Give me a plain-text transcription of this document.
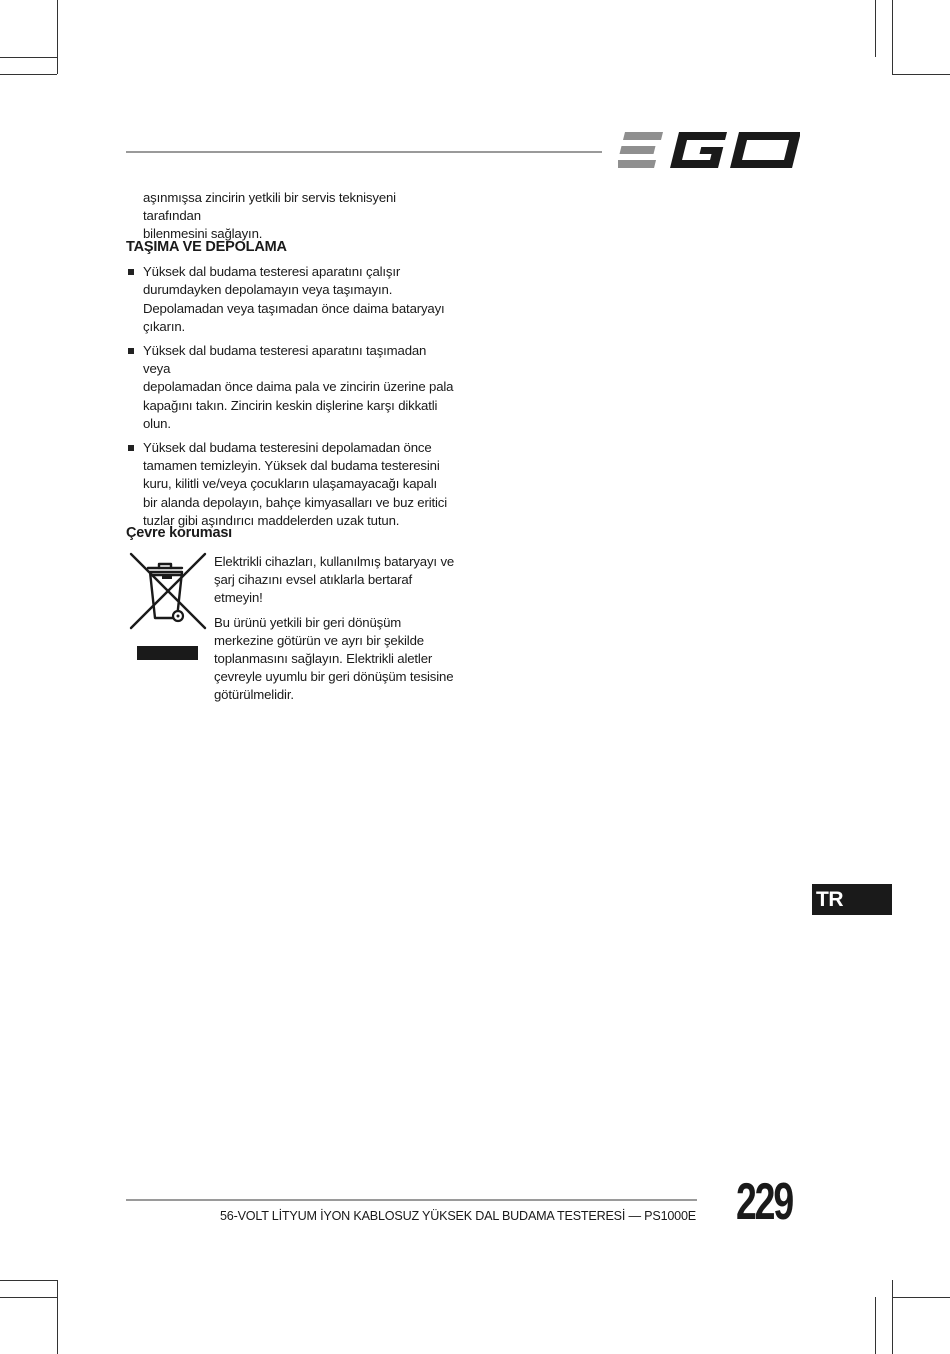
aşınmışsa zincirin yetkili bir servis teknisyeni tarafından
bilenmesini sağlayın.

TAŞIMA VE DEPOLAMA
Yüksek dal budama testeresi aparatını çalışır
durumdayken depolamayın veya taşımayın.
Depolamadan veya taşımadan önce daima bataryayı
çıkarın.
Yüksek dal budama testeresi aparatını taşımadan veya
depolamadan önce daima pala ve zincirin üzerine pala
kapağını takın. Zincirin keskin dişlerine karşı dikkatli
olun.
Yüksek dal budama testeresini depolamadan önce
tamamen temizleyin. Yüksek dal budama testeresini
kuru, kilitli ve/veya çocukların ulaşamayacağı kapalı
bir alanda depolayın, bahçe kimyasalları ve buz eritici
tuzlar gibi aşındırıcı maddelerden uzak tutun.
Çevre koruması

Elektrikli cihazları, kullanılmış bataryayı ve
şarj cihazını evsel atıklarla bertaraf
etmeyin!

Bu ürünü yetkili bir geri dönüşüm
merkezine götürün ve ayrı bir şekilde
toplanmasını sağlayın. Elektrikli aletler
çevreyle uyumlu bir geri dönüşüm tesisine
götürülmelidir.

TR
56-VOLT LİTYUM İYON KABLOSUZ YÜKSEK DAL BUDAMA TESTERESİ — PS1000E 229
